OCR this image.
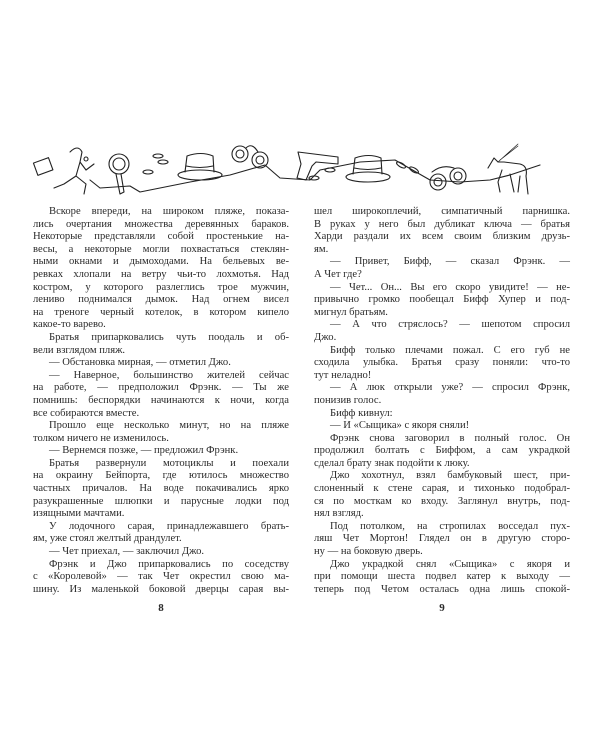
Вскоре впереди, на широком пляже, показа-
лись очертания множества деревянных бараков.
Некоторые представляли собой простенькие на-
весы, а некоторые могли похвастаться стеклян-
ными окнами и дымоходами. На бельевых ве-
ревках хлопали на ветру чьи-то лохмотья. Над
костром, у которого разлеглись трое мужчин,
лениво поднимался дымок. Над огнем висел
на треноге черный котелок, в котором кипело
какое-то варево.
Братья припарковались чуть поодаль и об-
вели взглядом пляж.
— Обстановка мирная, — отметил Джо.
— Наверное, большинство жителей сейчас
на работе, — предположил Фрэнк. — Ты же
помнишь: беспорядки начинаются к ночи, когда
все собираются вместе.
Прошло еще несколько минут, но на пляже
толком ничего не изменилось.
— Вернемся позже, — предложил Фрэнк.
Братья развернули мотоциклы и поехали
на окраину Бейпорта, где ютилось множество
частных причалов. На воде покачивались ярко
разукрашенные шлюпки и парусные лодки под
изящными мачтами.
У лодочного сарая, принадлежавшего брать-
ям, уже стоял желтый драндулет.
— Чет приехал, — заключил Джо.
Фрэнк и Джо припарковались по соседству
с «Королевой» — так Чет окрестил свою ма-
шину. Из маленькой боковой дверцы сарая вы-
шел широкоплечий, симпатичный парнишка.
В руках у него был дубликат ключа — братья
Харди раздали их всем своим близким друзь-
ям.
— Привет, Бифф, — сказал Фрэнк. —
А Чет где?
— Чет... Он... Вы его скоро увидите! — не-
привычно громко пообещал Бифф Хупер и под-
мигнул братьям.
— А что стряслось? — шепотом спросил
Джо.
Бифф только плечами пожал. С его губ не
сходила улыбка. Братья сразу поняли: что-то
тут неладно!
— А люк открыли уже? — спросил Фрэнк,
понизив голос.
Бифф кивнул:
— И «Сыщика» с якоря сняли!
Фрэнк снова заговорил в полный голос. Он
продолжил болтать с Биффом, а сам украдкой
сделал брату знак подойти к люку.
Джо хохотнул, взял бамбуковый шест, при-
слоненный к стене сарая, и тихонько подобрал-
ся по мосткам ко входу. Заглянул внутрь, под-
нял взгляд.
Под потолком, на стропилах восседал пух-
ляш Чет Мортон! Глядел он в другую сторо-
ну — на боковую дверь.
Джо украдкой снял «Сыщика» с якоря и
при помощи шеста подвел катер к выходу —
теперь под Четом осталась одна лишь спокой-
8	9
